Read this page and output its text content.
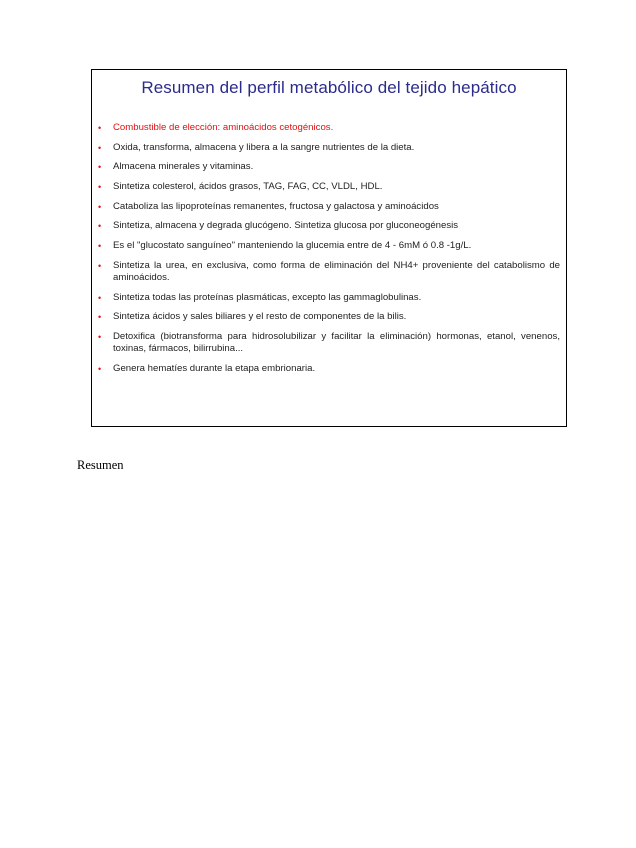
Resumen del perfil metabólico del tejido hepático
• Combustible de elección: aminoácidos cetogénicos.
• Oxida, transforma, almacena y libera a la sangre nutrientes de la dieta.
• Almacena minerales y vitaminas.
• Sintetiza colesterol, ácidos grasos, TAG, FAG, CC, VLDL, HDL.
• Cataboliza las lipoproteínas remanentes, fructosa y galactosa y aminoácidos
• Sintetiza, almacena y degrada glucógeno. Sintetiza glucosa por gluconeogénesis
• Es el "glucostato sanguíneo" manteniendo la glucemia entre de 4 - 6mM ó 0.8 -1g/L.
• Sintetiza la urea, en exclusiva, como forma de eliminación del NH4+ proveniente del catabolismo de aminoácidos.
• Sintetiza todas las proteínas plasmáticas, excepto las gammaglobulinas.
• Sintetiza ácidos y sales biliares y el resto de componentes de la bilis.
• Detoxifica (biotransforma para hidrosolubilizar y facilitar la eliminación) hormonas, etanol, venenos, toxinas, fármacos, bilirrubina...
• Genera hematíes durante la etapa embrionaria.
Resumen
